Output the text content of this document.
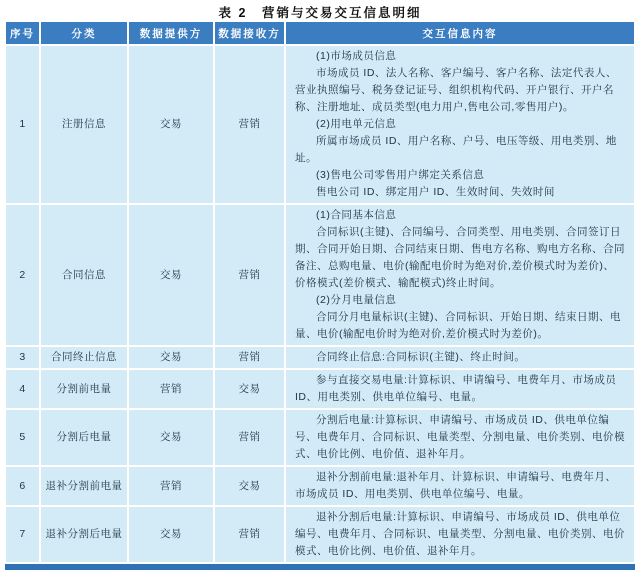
表 2　营销与交易交互信息明细
序号	分类	数据提供方	数据接收方	交互信息内容
1	注册信息	交易	营销	

(1)市场成员信息

市场成员 ID、法人名称、客户编号、客户名称、法定代表人、营业执照编号、税务登记证号、组织机构代码、开户银行、开户名称、注册地址、成员类型(电力用户,售电公司,零售用户)。

(2)用电单元信息

所属市场成员 ID、用户名称、户号、电压等级、用电类别、地址。

(3)售电公司零售用户绑定关系信息

售电公司 ID、绑定用户 ID、生效时间、失效时间

2	合同信息	交易	营销	(1)合同基本信息

合同标识(主键)、合同编号、合同类型、用电类别、合同签订日期、合同开始日期、合同结束日期、售电方名称、购电方名称、合同备注、总购电量、电价(输配电价时为绝对价,差价模式时为差价)、价格模式(差价模式、输配模式)终止时间。

(2)分月电量信息

合同分月电量标识(主键)、合同标识、开始日期、结束日期、电量、电价(输配电价时为绝对价,差价模式时为差价)。

3	合同终止信息	交易	营销	合同终止信息:合同标识(主键)、终止时间。

4	分割前电量	营销	交易	参与直接交易电量:计算标识、申请编号、电费年月、市场成员 ID、用电类别、供电单位编号、电量。

5	分割后电量	交易	营销	分割后电量:计算标识、申请编号、市场成员 ID、供电单位编号、电费年月、合同标识、电量类型、分割电量、电价类别、电价模式、电价比例、电价值、退补年月。

6	退补分割前电量	营销	交易	退补分割前电量:退补年月、计算标识、申请编号、电费年月、市场成员 ID、用电类别、供电单位编号、电量。

7	退补分割后电量	交易	营销	退补分割后电量:计算标识、申请编号、市场成员 ID、供电单位编号、电费年月、合同标识、电量类型、分割电量、电价类别、电价模式、电价比例、电价值、退补年月。
